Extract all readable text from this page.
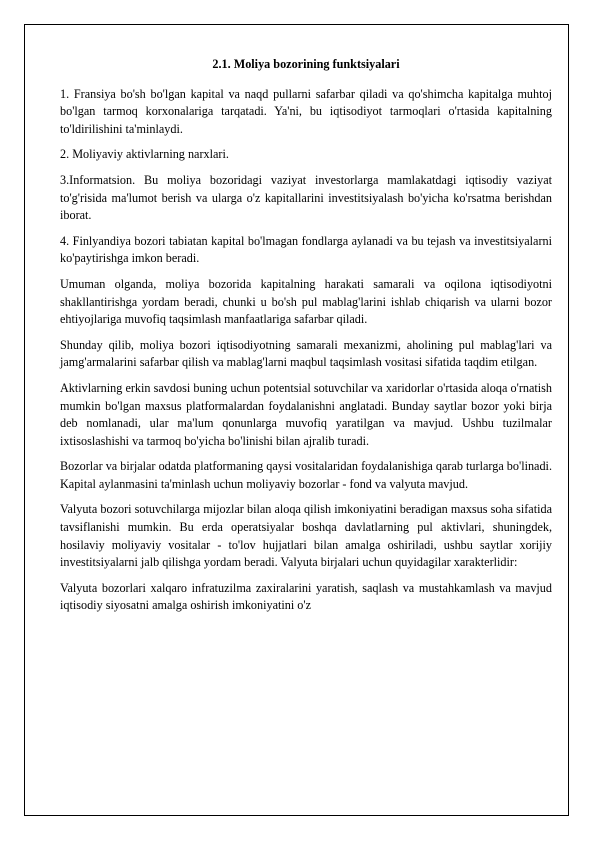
2.1. Moliya bozorining funktsiyalari

1. Fransiya bo'sh bo'lgan kapital va naqd pullarni safarbar qiladi va qo'shimcha kapitalga muhtoj bo'lgan tarmoq korxonalariga tarqatadi. Ya'ni, bu iqtisodiyot tarmoqlari o'rtasida kapitalning to'ldirilishini ta'minlaydi.

2. Moliyaviy aktivlarning narxlari.

3.Informatsion. Bu moliya bozoridagi vaziyat investorlarga mamlakatdagi iqtisodiy vaziyat to'g'risida ma'lumot berish va ularga o'z kapitallarini investitsiyalash bo'yicha ko'rsatma berishdan iborat.

4. Finlyandiya bozori tabiatan kapital bo'lmagan fondlarga aylanadi va bu tejash va investitsiyalarni ko'paytirishga imkon beradi.

Umuman olganda, moliya bozorida kapitalning harakati samarali va oqilona iqtisodiyotni shakllantirishga yordam beradi, chunki u bo'sh pul mablag'larini ishlab chiqarish va ularni bozor ehtiyojlariga muvofiq taqsimlash manfaatlariga safarbar qiladi.

Shunday qilib, moliya bozori iqtisodiyotning samarali mexanizmi, aholining pul mablag'lari va jamg'armalarini safarbar qilish va mablag'larni maqbul taqsimlash vositasi sifatida taqdim etilgan.

Aktivlarning erkin savdosi buning uchun potentsial sotuvchilar va xaridorlar o'rtasida aloqa o'rnatish mumkin bo'lgan maxsus platformalardan foydalanishni anglatadi. Bunday saytlar bozor yoki birja deb nomlanadi, ular ma'lum qonunlarga muvofiq yaratilgan va mavjud. Ushbu tuzilmalar ixtisoslashishi va tarmoq bo'yicha bo'linishi bilan ajralib turadi.

Bozorlar va birjalar odatda platformaning qaysi vositalaridan foydalanishiga qarab turlarga bo'linadi. Kapital aylanmasini ta'minlash uchun moliyaviy bozorlar - fond va valyuta mavjud.

Valyuta bozori sotuvchilarga mijozlar bilan aloqa qilish imkoniyatini beradigan maxsus soha sifatida tavsiflanishi mumkin. Bu erda operatsiyalar boshqa davlatlarning pul aktivlari, shuningdek, hosilaviy moliyaviy vositalar - to'lov hujjatlari bilan amalga oshiriladi, ushbu saytlar xorijiy investitsiyalarni jalb qilishga yordam beradi. Valyuta birjalari uchun quyidagilar xarakterlidir:

Valyuta bozorlari xalqaro infratuzilma zaxiralarini yaratish, saqlash va mustahkamlash va mavjud iqtisodiy siyosatni amalga oshirish imkoniyatini o'z
